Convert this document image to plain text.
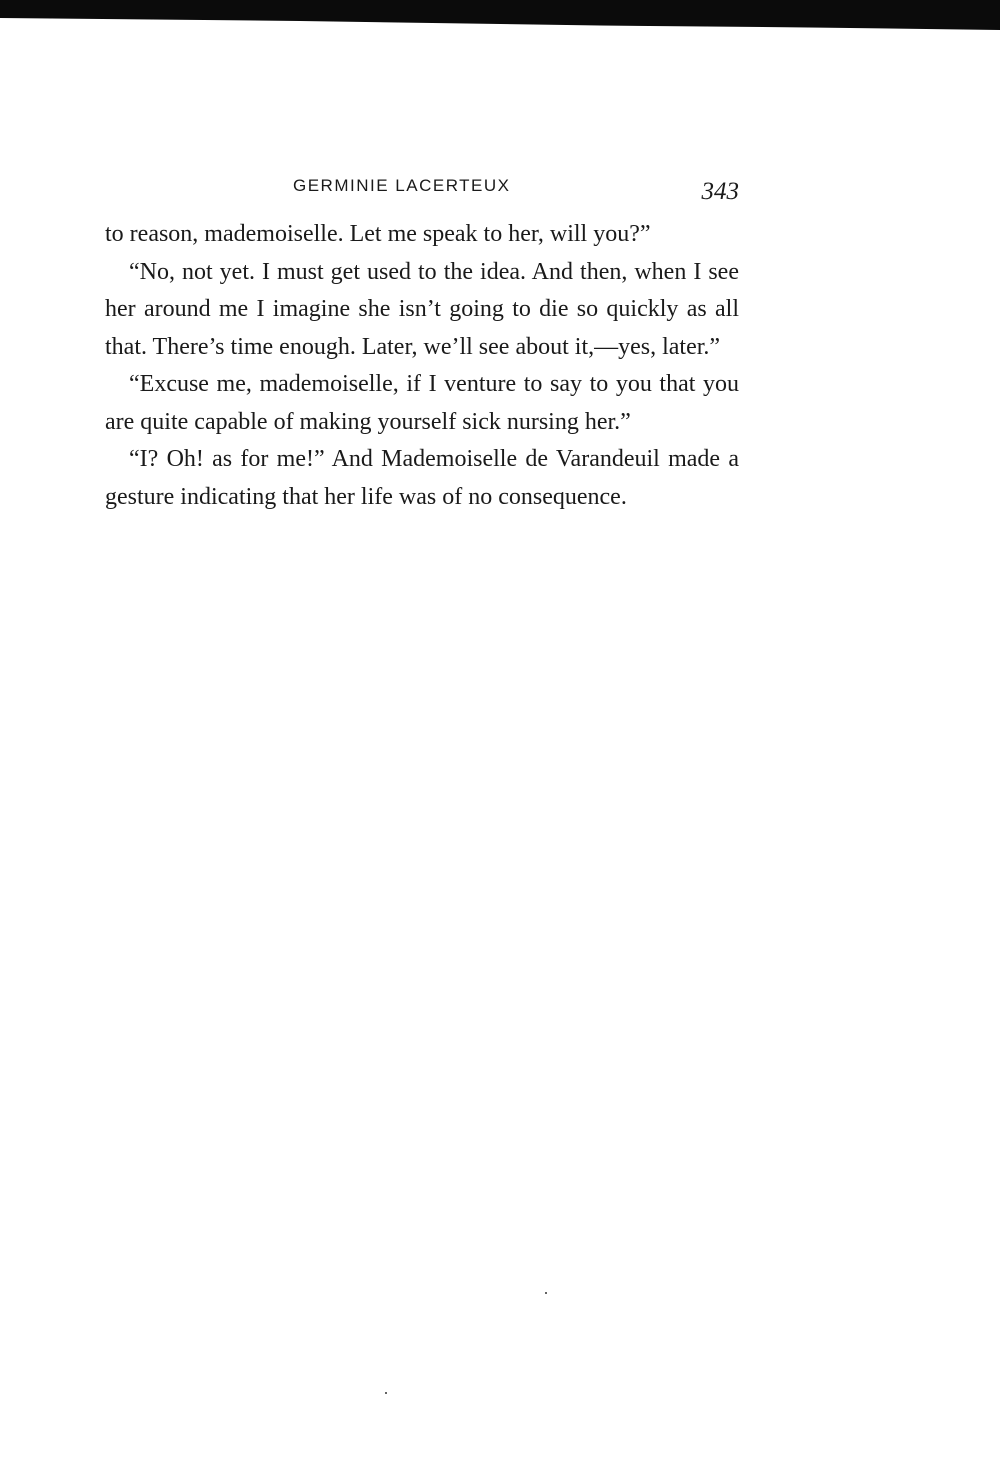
GERMINIE LACERTEUX	343

to reason, mademoiselle. Let me speak to her, will you?”

“No, not yet. I must get used to the idea. And then, when I see her around me I imagine she isn’t going to die so quickly as all that. There’s time enough. Later, we’ll see about it,—yes, later.”

“Excuse me, mademoiselle, if I venture to say to you that you are quite capable of making yourself sick nursing her.”

“I? Oh! as for me!” And Mademoiselle de Varandeuil made a gesture indicating that her life was of no consequence.
